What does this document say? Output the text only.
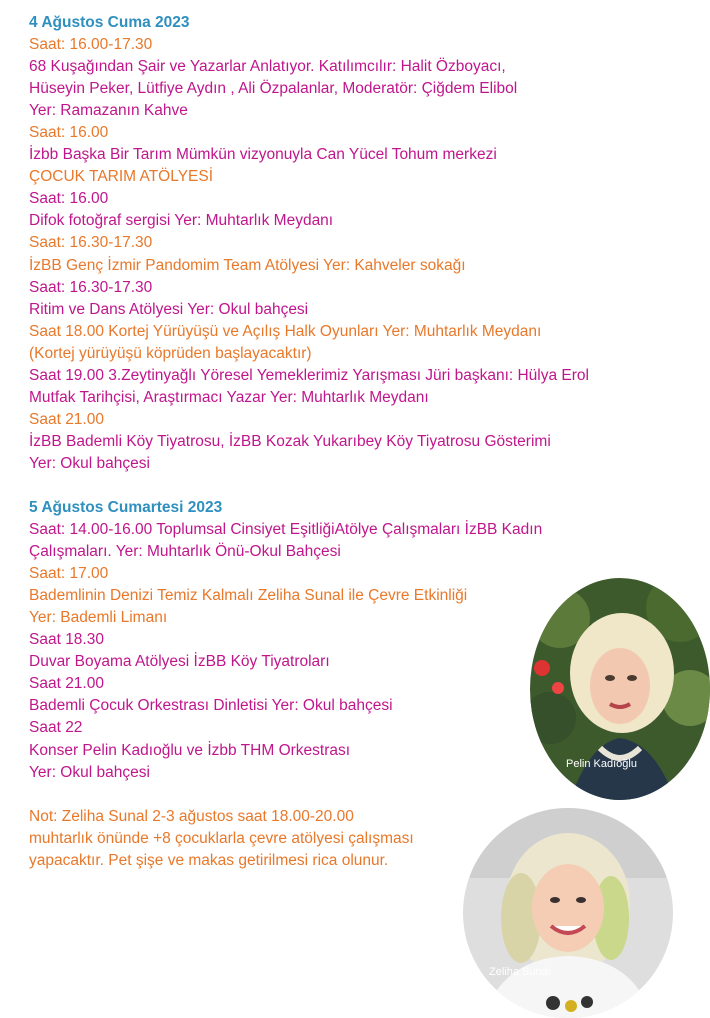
4 Ağustos Cuma 2023
Saat: 16.00-17.30
68 Kuşağından Şair ve Yazarlar Anlatıyor. Katılımcılır: Halit Özboyacı,
Hüseyin Peker, Lütfiye Aydın , Ali Özpalanlar, Moderatör: Çiğdem Elibol
Yer: Ramazanın Kahve
Saat: 16.00
İzbb Başka Bir Tarım Mümkün vizyonuyla Can Yücel Tohum merkezi
ÇOCUK TARIM ATÖLYESİ
Saat: 16.00
Difok fotoğraf sergisi Yer: Muhtarlık Meydanı
Saat: 16.30-17.30
İzBB Genç İzmir Pandomim Team Atölyesi Yer: Kahveler sokağı
Saat: 16.30-17.30
Ritim ve Dans Atölyesi Yer: Okul bahçesi
Saat 18.00 Kortej Yürüyüşü ve Açılış Halk Oyunları Yer: Muhtarlık Meydanı
(Kortej yürüyüşü köprüden başlayacaktır)
Saat 19.00 3.Zeytinyağlı Yöresel Yemeklerimiz Yarışması Jüri başkanı: Hülya Erol
Mutfak Tarihçisi, Araştırmacı Yazar Yer: Muhtarlık Meydanı
Saat 21.00
İzBB Bademli Köy Tiyatrosu, İzBB Kozak Yukarıbey Köy Tiyatrosu Gösterimi
Yer: Okul bahçesi
5 Ağustos Cumartesi 2023
Saat: 14.00-16.00 Toplumsal Cinsiyet EşitliğiAtölye Çalışmaları İzBB Kadın
Çalışmaları. Yer: Muhtarlık Önü-Okul Bahçesi
Saat: 17.00
Bademlinin Denizi Temiz Kalmalı Zeliha Sunal ile Çevre Etkinliği
Yer: Bademli Limanı
Saat 18.30
Duvar Boyama Atölyesi İzBB Köy Tiyatroları
Saat 21.00
Bademli Çocuk Orkestrası Dinletisi Yer: Okul bahçesi
Saat 22
Konser Pelin Kadıoğlu ve İzbb THM Orkestrası
Yer: Okul bahçesi
Not: Zeliha Sunal 2-3 ağustos saat 18.00-20.00
muhtarlık önünde +8 çocuklarla çevre atölyesi çalışması
yapacaktır. Pet şişe ve makas getirilmesi rica olunur.
Pelin Kadıoğlu
Zeliha Sunal
